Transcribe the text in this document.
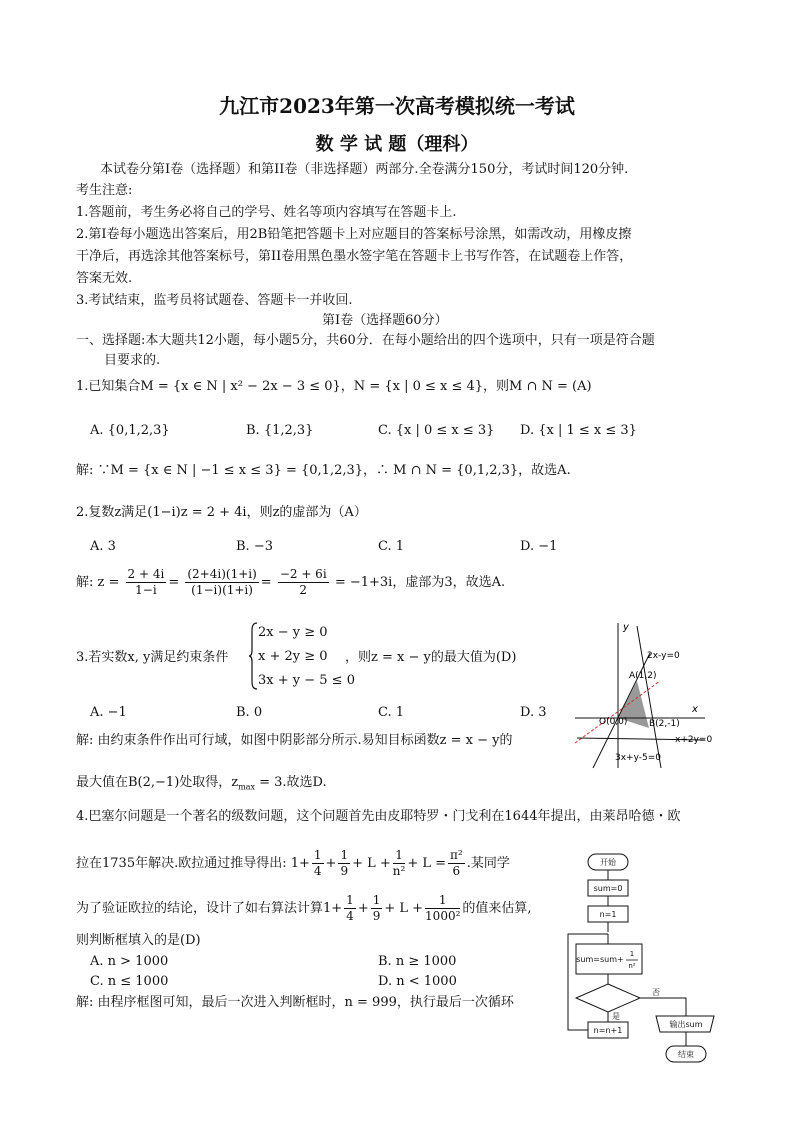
九江市2023年第一次高考模拟统一考试
数 学 试 题（理科）
本试卷分第Ⅰ卷（选择题）和第II卷（非选择题）两部分.全卷满分150分，考试时间120分钟.
考生注意:
1.答题前，考生务必将自己的学号、姓名等项内容填写在答题卡上.
2.第Ⅰ卷每小题选出答案后，用2B铅笔把答题卡上对应题目的答案标号涂黑，如需改动，用橡皮擦
干净后，再选涂其他答案标号，第II卷用黑色墨水签字笔在答题卡上书写作答，在试题卷上作答，
答案无效.
3.考试结束，监考员将试题卷、答题卡一并收回.
第Ⅰ卷（选择题60分）
一、选择题:本大题共12小题，每小题5分，共60分．在每小题给出的四个选项中，只有一项是符合题
目要求的.
1.已知集合M = {x ∈ N | x² − 2x − 3 ≤ 0}，N = {x | 0 ≤ x ≤ 4}，则M ∩ N = (A)
A. {0,1,2,3}	B. {1,2,3}	C. {x | 0 ≤ x ≤ 3} D. {x | 1 ≤ x ≤ 3}
解: ∵M = {x ∈ N | −1 ≤ x ≤ 3} = {0,1,2,3}，∴ M ∩ N = {0,1,2,3}，故选A.
2.复数z满足(1−i)z = 2 + 4i，则z的虚部为（A）
A. 3	B. −3	C. 1	D. −1
解: $z = \frac{2 + 4i}{1-i} = \frac{(2+4i)(1+i)}{(1-i)(1+i)} = \frac{-2 + 6i}{2} = -1+3i$，虚部为3，故选A.
3.若实数x, y满足约束条件
2x − y ≥ 0
x + 2y ≥ 0
3x + y − 5 ≤ 0
，则z = x − y的最大值为(D)
A. −1	B. 0	C. 1	D. 3
解: 由约束条件作出可行域，如图中阴影部分所示.易知目标函数z = x − y的
最大值在B(2,−1)处取得，$z_{max} = 3$.故选D.
y
x
2x-y=0
A(1,2)
O(0,0) B(2,-1)
x+2y=0
3x+y-5=0
4.巴塞尔问题是一个著名的级数问题，这个问题首先由皮耶特罗・门戈利在1644年提出，由莱昂哈德・欧
拉在1735年解决.欧拉通过推导得出: $1+ \frac{1}{4} + \frac{1}{9} + L + \frac{1}{\text{n²}} + L = \frac{\text{π²}}{6}$ .某同学
为了验证欧拉的结论，设计了如右算法计算$1+ \frac{1}{4} + \frac{1}{9} + L + \frac{1}{\text{1000²}}$ 的值来估算,
则判断框填入的是(D)
A. n > 1000	B. n ≥ 1000
C. n ≤ 1000	D. n < 1000
解: 由程序框图可知，最后一次进入判断框时，n = 999，执行最后一次循环
开始
sum=0
n=1
sum=sum+
1
n²
是
否
n=n+1
输出sum
结束
